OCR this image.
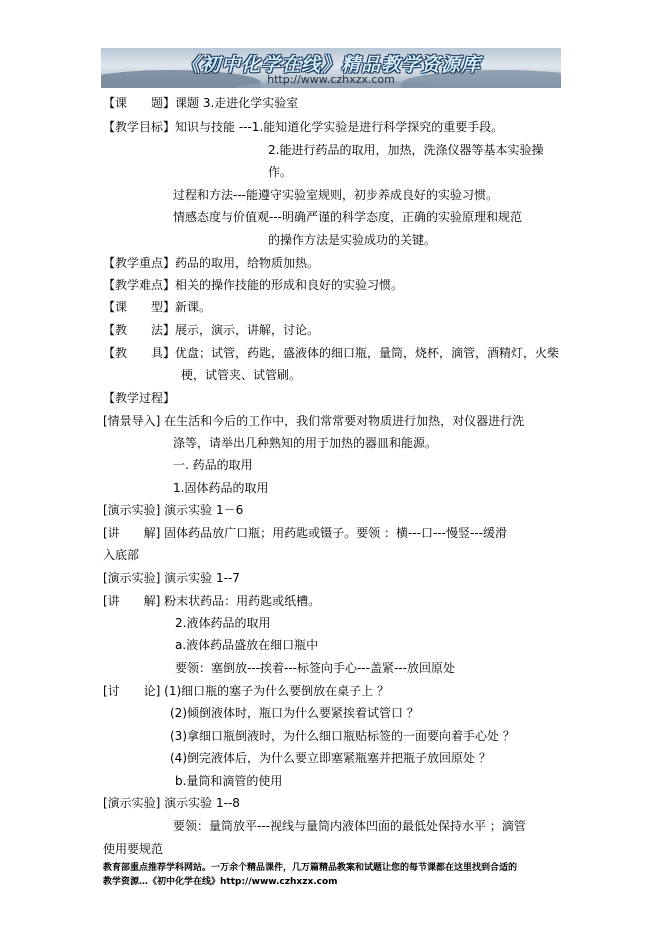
《初中化学在线》精品教学资源库
http://www.czhxzx.com
【课　　题】课题 3.走进化学实验室
【教学目标】知识与技能 ---1.能知道化学实验是进行科学探究的重要手段。
2.能进行药品的取用，加热，洗涤仪器等基本实验操
作。
过程和方法---能遵守实验室规则，初步养成良好的实验习惯。
情感态度与价值观---明确严谨的科学态度，正确的实验原理和规范
的操作方法是实验成功的关键。
【教学重点】药品的取用，给物质加热。
【教学难点】相关的操作技能的形成和良好的实验习惯。
【课　　型】新课。
【教　　法】展示，演示，讲解，讨论。
【教　　具】优盘；试管，药匙，盛液体的细口瓶，量筒，烧杯，滴管，酒精灯，火柴
梗，试管夹、试管刷。
【教学过程】
[情景导入] 在生活和今后的工作中，我们常常要对物质进行加热，对仪器进行洗
涤等，请举出几种熟知的用于加热的器皿和能源。
一. 药品的取用
1.固体药品的取用
[演示实验] 演示实验 1－6
[讲　　解] 固体药品放广口瓶；用药匙或镊子。要领 ：横---口---慢竖---缓滑
入底部
[演示实验] 演示实验 1--7
[讲　　解] 粉末状药品：用药匙或纸槽。
2.液体药品的取用
a.液体药品盛放在细口瓶中
要领：塞倒放---挨着---标签向手心---盖紧---放回原处
[讨　　论] (1)细口瓶的塞子为什么要倒放在桌子上 ？
(2)倾倒液体时，瓶口为什么要紧挨着试管口 ？
(3)拿细口瓶倒液时，为什么细口瓶贴标签的一面要向着手心处 ？
(4)倒完液体后，为什么要立即塞紧瓶塞并把瓶子放回原处 ？
b.量筒和滴管的使用
[演示实验] 演示实验 1--8
要领：量筒放平---视线与量筒内液体凹面的最低处保持水平 ；滴管
使用要规范
教育部重点推荐学科网站。一万余个精品课件，几万篇精品教案和试题让您的每节课都在这里找到合适的
教学资源…《初中化学在线》http://www.czhxzx.com
